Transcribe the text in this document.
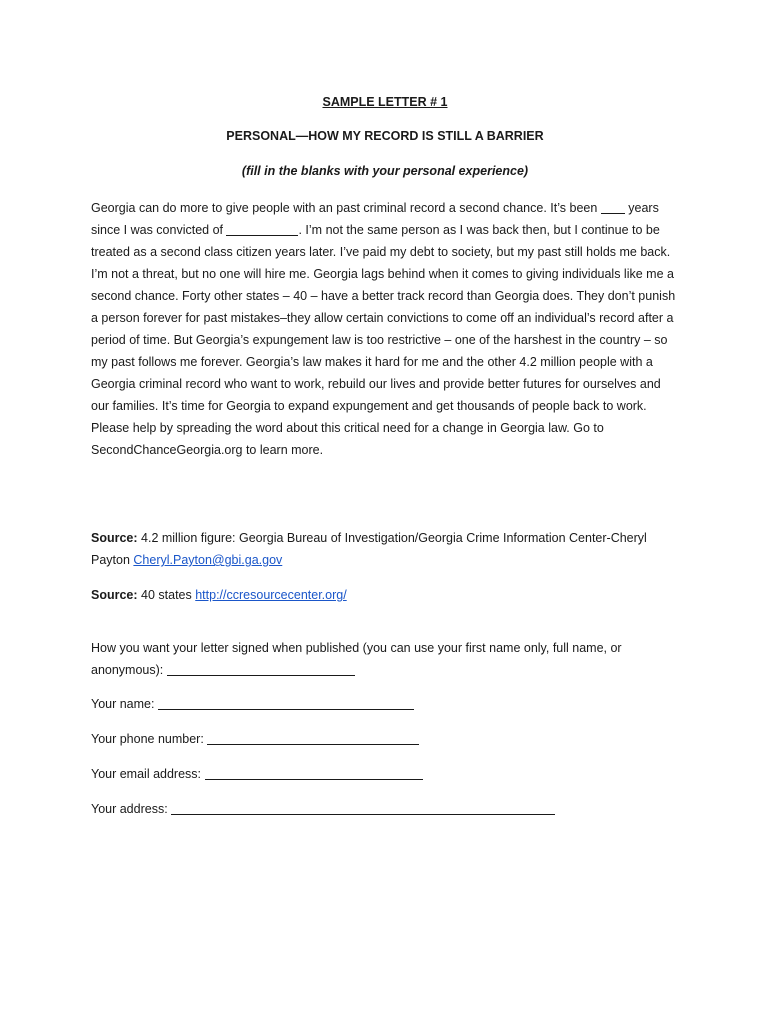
SAMPLE LETTER # 1
PERSONAL—HOW MY RECORD IS STILL A BARRIER
(fill in the blanks with your personal experience)
Georgia can do more to give people with an past criminal record a second chance. It’s been  years since I was convicted of	. I’m not the same person as I was back then, but I continue to be treated as a second class citizen years later. I’ve paid my debt to society, but my past still holds me back. I’m not a threat, but no one will hire me. Georgia lags behind when it comes to giving individuals like me a second chance. Forty other states – 40 – have a better track record than Georgia does. They don’t punish a person forever for past mistakes–they allow certain convictions to come off an individual’s record after a period of time. But Georgia’s expungement law is too restrictive – one of the harshest in the country – so my past follows me forever. Georgia’s law makes it hard for me and the other 4.2 million people with a Georgia criminal record who want to work, rebuild our lives and provide better futures for ourselves and our families. It’s time for Georgia to expand expungement and get thousands of people back to work. Please help by spreading the word about this critical need for a change in Georgia law. Go to SecondChanceGeorgia.org to learn more.
Source: 4.2 million figure: Georgia Bureau of Investigation/Georgia Crime Information Center-Cheryl Payton Cheryl.Payton@gbi.ga.gov
Source: 40 states http://ccresourcecenter.org/
How you want your letter signed when published (you can use your first name only, full name, or anonymous):
Your name:
Your phone number:
Your email address:
Your address:
